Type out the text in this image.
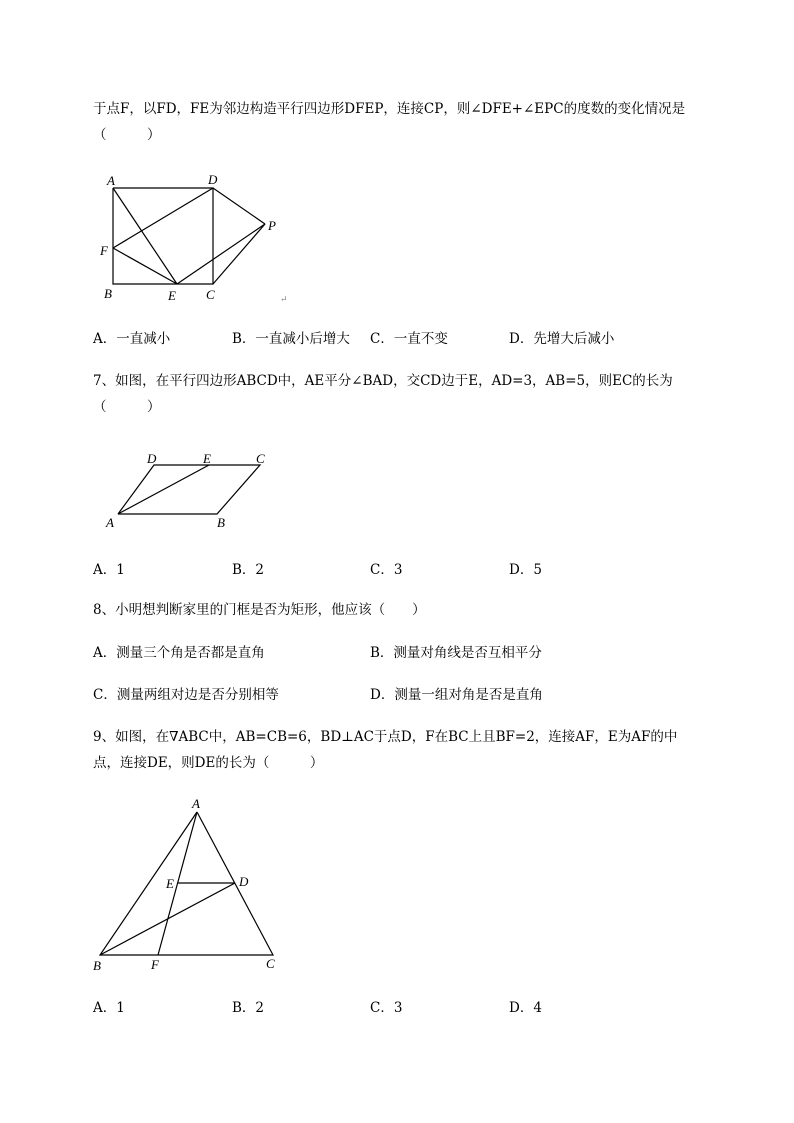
于点F，以FD，FE为邻边构造平行四边形DFEP，连接CP，则∠DFE+∠EPC的度数的变化情况是
（　　　）
A	D
P
F
B	E C	↵
D	E	C
A	B
A
E	D
B	F	C
A．一直减小	B．一直减小后增大 C．一直不变	D．先增大后减小
7、如图，在平行四边形ABCD中，AE平分∠BAD，交CD边于E，AD=3，AB=5，则EC的长为
（　　　）
A．1	B．2	C．3	D．5
8、小明想判断家里的门框是否为矩形，他应该（　　）
A．测量三个角是否都是直角	B．测量对角线是否互相平分
C．测量两组对边是否分别相等	D．测量一组对角是否是直角
9、如图，在∇ABC中，AB=CB=6，BD⊥AC于点D，F在BC上且BF=2，连接AF，E为AF的中
点，连接DE，则DE的长为（　　　）
A．1	B．2	C．3	D．4
